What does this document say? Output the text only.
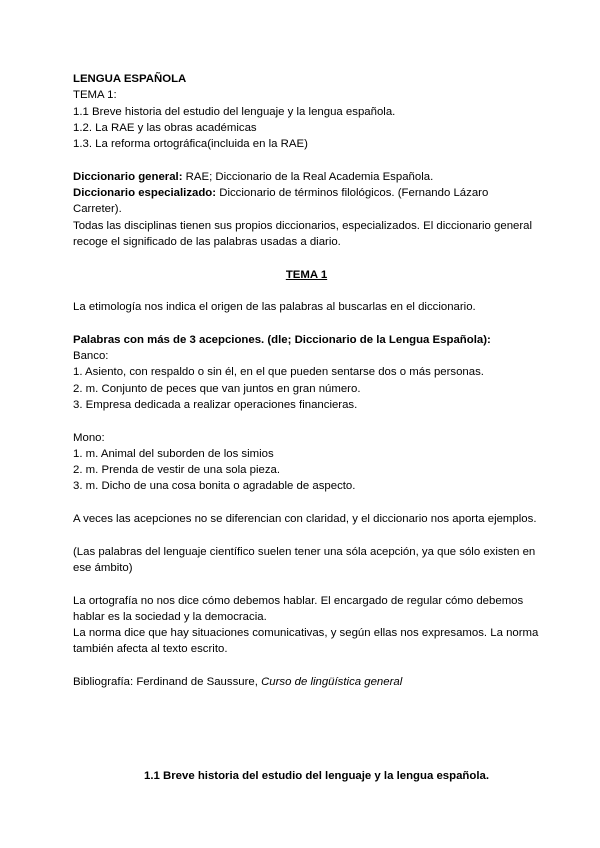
LENGUA ESPAÑOLA

TEMA 1:

1.1 Breve historia del estudio del lenguaje y la lengua española.

1.2. La RAE y las obras académicas

1.3. La reforma ortográfica(incluida en la RAE)

Diccionario general: RAE; Diccionario de la Real Academia Española.

Diccionario especializado: Diccionario de términos filológicos. (Fernando Lázaro Carreter).

Todas las disciplinas tienen sus propios diccionarios, especializados. El diccionario general recoge el significado de las palabras usadas a diario.

TEMA 1

La etimología nos indica el origen de las palabras al buscarlas en el diccionario.

Palabras con más de 3 acepciones. (dle; Diccionario de la Lengua Española):

Banco:

1. Asiento, con respaldo o sin él, en el que pueden sentarse dos o más personas.

2. m. Conjunto de peces que van juntos en gran número.

3. Empresa dedicada a realizar operaciones financieras.

Mono:

1. m. Animal del suborden de los simios

2. m. Prenda de vestir de una sola pieza.

3. m. Dicho de una cosa bonita o agradable de aspecto.

A veces las acepciones no se diferencian con claridad, y el diccionario nos aporta ejemplos.

(Las palabras del lenguaje científico suelen tener una sóla acepción, ya que sólo existen en ese ámbito)

La ortografía no nos dice cómo debemos hablar. El encargado de regular cómo debemos hablar es la sociedad y la democracia.

La norma dice que hay situaciones comunicativas, y según ellas nos expresamos. La norma también afecta al texto escrito.

Bibliografía: Ferdinand de Saussure, Curso de lingüística general

1.1 Breve historia del estudio del lenguaje y la lengua española.
